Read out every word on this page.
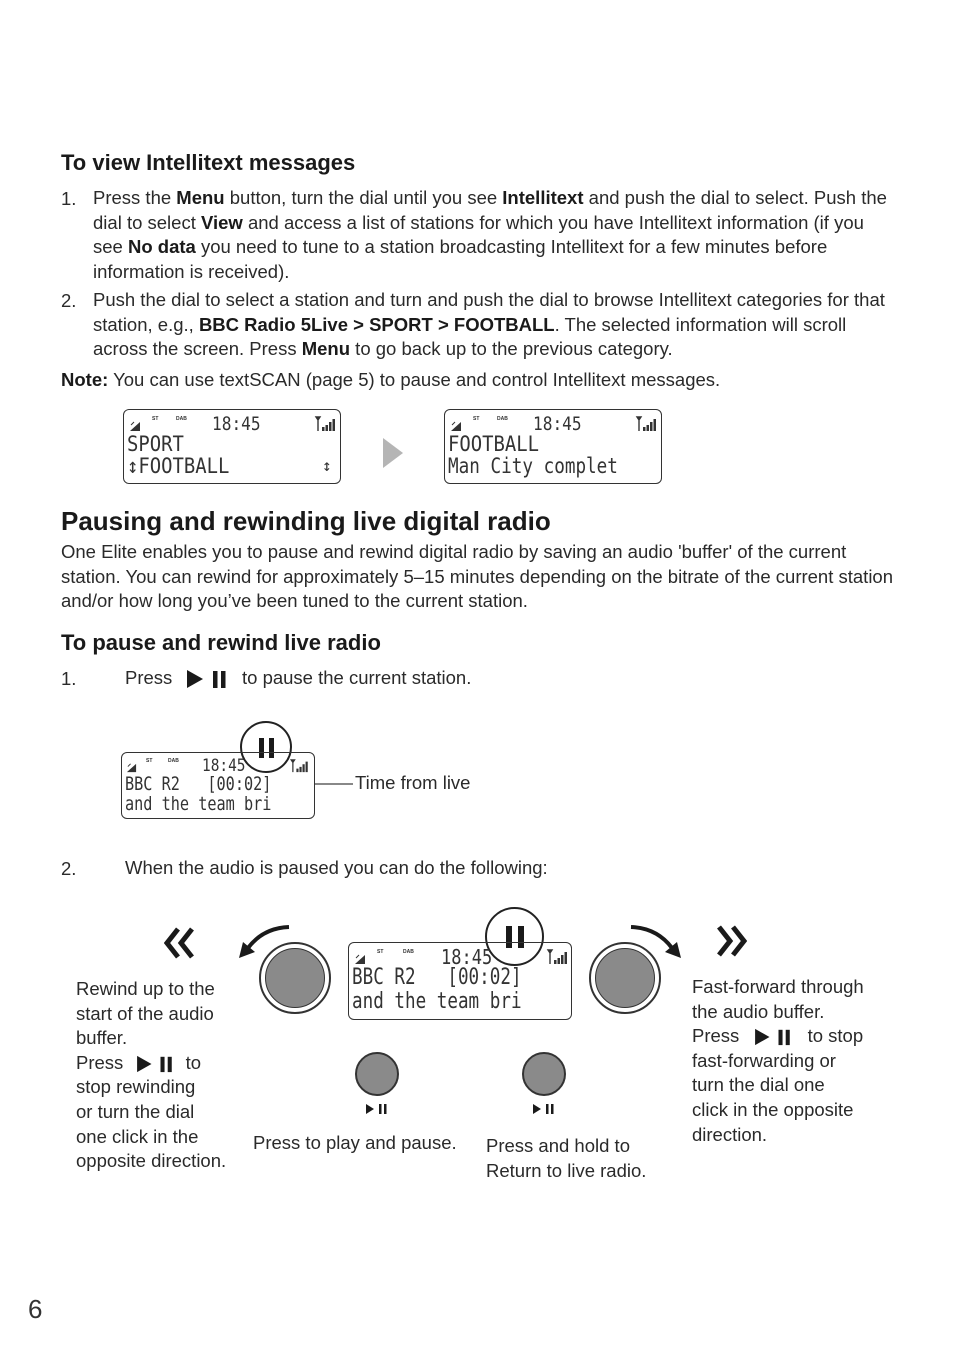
To view Intellitext messages
1. Press the Menu button, turn the dial until you see Intellitext and push the dial to select. Push the dial to select View and access a list of stations for which you have Intellitext information (if you see No data you need to tune to a station broadcasting Intellitext for a few minutes before information is received).
2. Push the dial to select a station and turn and push the dial to browse Intellitext categories for that station, e.g., BBC Radio 5Live > SPORT > FOOTBALL. The selected information will scroll across the screen. Press Menu to go back up to the previous category.
Note: You can use textSCAN (page 5) to pause and control Intellitext messages.
ST	DAB 18:45
SPORT
↕FOOTBALL	↕
ST	DAB 18:45
FOOTBALL
Man City complet
Pausing and rewinding live digital radio
One Elite enables you to pause and rewind digital radio by saving an audio 'buffer' of the current station. You can rewind for approximately 5–15 minutes depending on the bitrate of the current station and/or how long you’ve been tuned to the current station.
To pause and rewind live radio
1.	Press	to pause the current station.
ST	DAB 18:45
BBC R2   [00:02]
and the team bri
Time from live
2.	When the audio is paused you can do the following:
ST	DAB 18:45
BBC R2   [00:02]
and the team bri
Rewind up to the
start of the audio
buffer.
Press	to
stop rewinding
or turn the dial
one click in the
opposite direction.
Fast-forward through
the audio buffer.
Press	to stop
fast-forwarding or
turn the dial one
click in the opposite
direction.
Press to play and pause. Press and hold to
Return to live radio.
6
